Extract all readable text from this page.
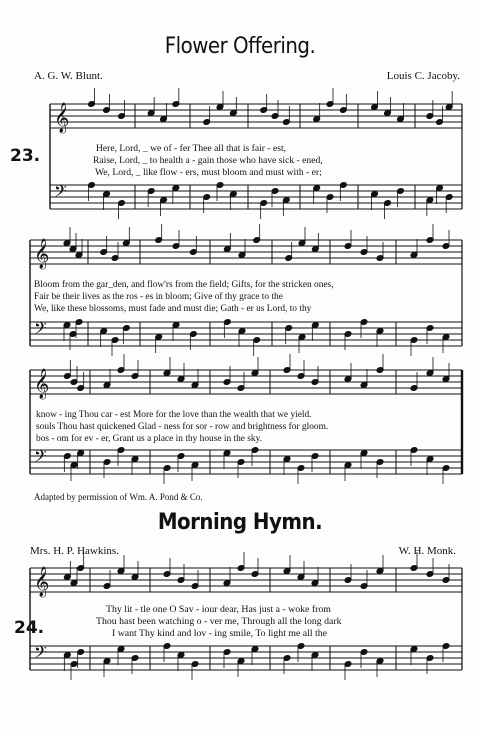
Flower Offering.
A. G. W. Blunt.	Louis C. Jacoby.
23.
Morning Hymn.
Mrs. H. P. Hawkins.	W. H. Monk.
24.
Adapted by permission of Wm. A. Pond & Co.
𝄞
𝄢
𝄞
𝄢
𝄞
𝄢
𝄞
𝄢
Here, Lord, _ we of - fer Thee all that is fair - est,
Raise, Lord, _ to health a - gain those who have sick - ened,
We, Lord, _ like flow - ers, must bloom and must with - er;
Bloom from the gar_den, and flow'rs from the field; Gifts, for the stricken ones,
Fair be their lives as the ros - es in bloom; Give of thy grace to the
We, like these blossoms, must fade and must die; Gath - er us Lord, to thy
know - ing Thou car - est More for the love than the wealth that we yield.
souls Thou hast quickened Glad - ness for sor - row and brightness for gloom.
bos - om for ev - er, Grant us a place in thy house in the sky.
Thy lit - tle one O Sav - iour dear, Has just a - woke from
Thou hast been watching o - ver me, Through all the long dark
I want Thy kind and lov - ing smile, To light me all the
